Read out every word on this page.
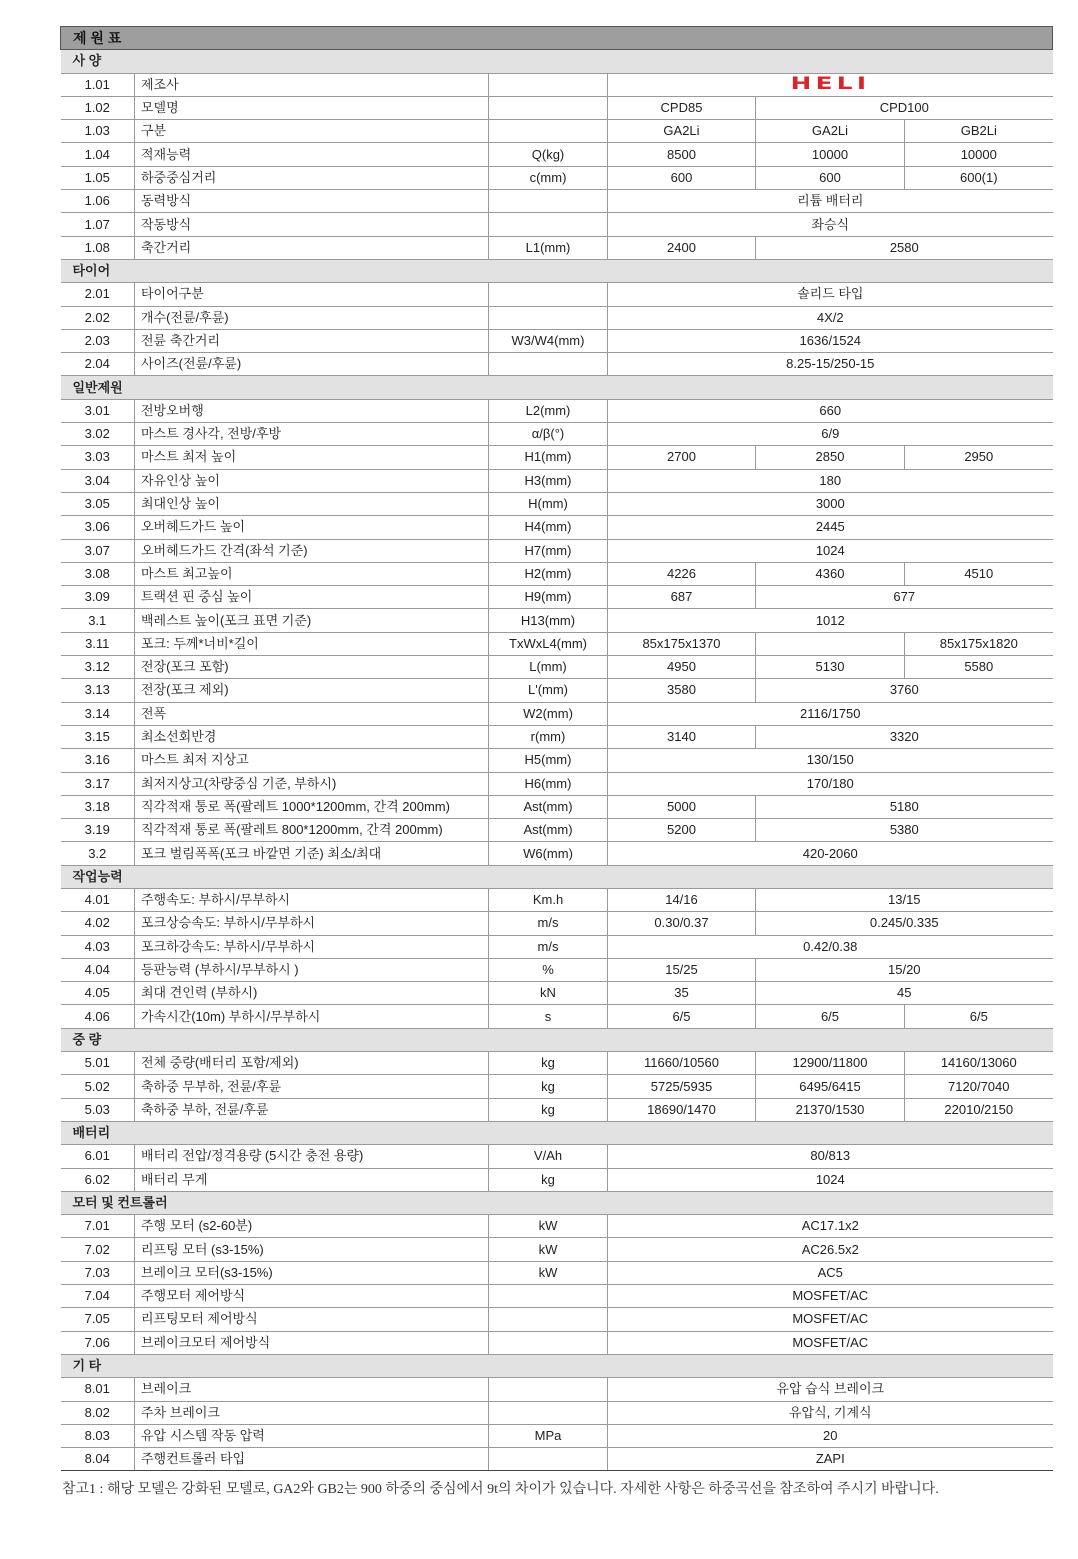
제 원 표					
사 양					
1.01	제조사		HELI		
1.02	모델명		CPD85	CPD100	
1.03	구분		GA2Li	GA2Li	GB2Li
1.04	적재능력	Q(kg)	8500	10000	10000
1.05	하중중심거리	c(mm)	600	600	600(1)
1.06	동력방식		리튬 배터리		
1.07	작동방식		좌승식		
1.08	축간거리	L1(mm)	2400	2580	
타이어					
2.01	타이어구분		솔리드 타입		
2.02	개수(전륜/후륜)		4X/2		
2.03	전륜 축간거리	W3/W4(mm)	1636/1524		
2.04	사이즈(전륜/후륜)		8.25-15/250-15		
일반제원					
3.01	전방오버행	L2(mm)	660		
3.02	마스트 경사각, 전방/후방	α/β(°)	6/9		
3.03	마스트 최저 높이	H1(mm)	2700	2850	2950
3.04	자유인상 높이	H3(mm)	180		
3.05	최대인상 높이	H(mm)	3000		
3.06	오버헤드가드 높이	H4(mm)	2445		
3.07	오버헤드가드 간격(좌석 기준)	H7(mm)	1024		
3.08	마스트 최고높이	H2(mm)	4226	4360	4510
3.09	트랙션 핀 중심 높이	H9(mm)	687	677	
3.1	백레스트 높이(포크 표면 기준)	H13(mm)	1012		
3.11	포크: 두께*너비*길이	TxWxL4(mm)	85x175x1370		85x175x1820
3.12	전장(포크 포함)	L(mm)	4950	5130	5580
3.13	전장(포크 제외)	L'(mm)	3580	3760	
3.14	전폭	W2(mm)	2116/1750		
3.15	최소선회반경	r(mm)	3140	3320	
3.16	마스트 최저 지상고	H5(mm)	130/150		
3.17	최저지상고(차량중심 기준, 부하시)	H6(mm)	170/180		
3.18	직각적재 통로 폭(팔레트 1000*1200mm, 간격 200mm)	Ast(mm)	5000	5180	
3.19	직각적재 통로 폭(팔레트 800*1200mm, 간격 200mm)	Ast(mm)	5200	5380	
3.2	포크 벌림폭폭(포크 바깥면 기준) 최소/최대	W6(mm)	420-2060		
작업능력					
4.01	주행속도: 부하시/무부하시	Km.h	14/16	13/15	
4.02	포크상승속도: 부하시/무부하시	m/s	0.30/0.37	0.245/0.335	
4.03	포크하강속도: 부하시/무부하시	m/s	0.42/0.38		
4.04	등판능력 (부하시/무부하시 )	%	15/25	15/20	
4.05	최대 견인력 (부하시)	kN	35	45	
4.06	가속시간(10m) 부하시/무부하시	s	6/5	6/5	6/5
중 량					
5.01	전체 중량(배터리 포함/제외)	kg	11660/10560	12900/11800	14160/13060
5.02	축하중 무부하, 전륜/후륜	kg	5725/5935	6495/6415	7120/7040
5.03	축하중 부하, 전륜/후륜	kg	18690/1470	21370/1530	22010/2150
배터리					
6.01	배터리 전압/정격용량 (5시간 충전 용량)	V/Ah	80/813		
6.02	배터리 무게	kg	1024		
모터 및 컨트롤러					
7.01	주행 모터 (s2-60분)	kW	AC17.1x2		
7.02	리프팅 모터 (s3-15%)	kW	AC26.5x2		
7.03	브레이크 모터(s3-15%)	kW	AC5		
7.04	주행모터 제어방식		MOSFET/AC		
7.05	리프팅모터 제어방식		MOSFET/AC		
7.06	브레이크모터 제어방식		MOSFET/AC		
기 타					
8.01	브레이크		유압 습식 브레이크		
8.02	주차 브레이크		유압식, 기계식		
8.03	유압 시스템 작동 압력	MPa	20		
8.04	주행컨트롤러 타입		ZAPI		
참고1 : 해당 모델은 강화된 모델로, GA2와 GB2는 900 하중의 중심에서 9t의 차이가 있습니다. 자세한 사항은 하중곡선을 참조하여 주시기 바랍니다.
